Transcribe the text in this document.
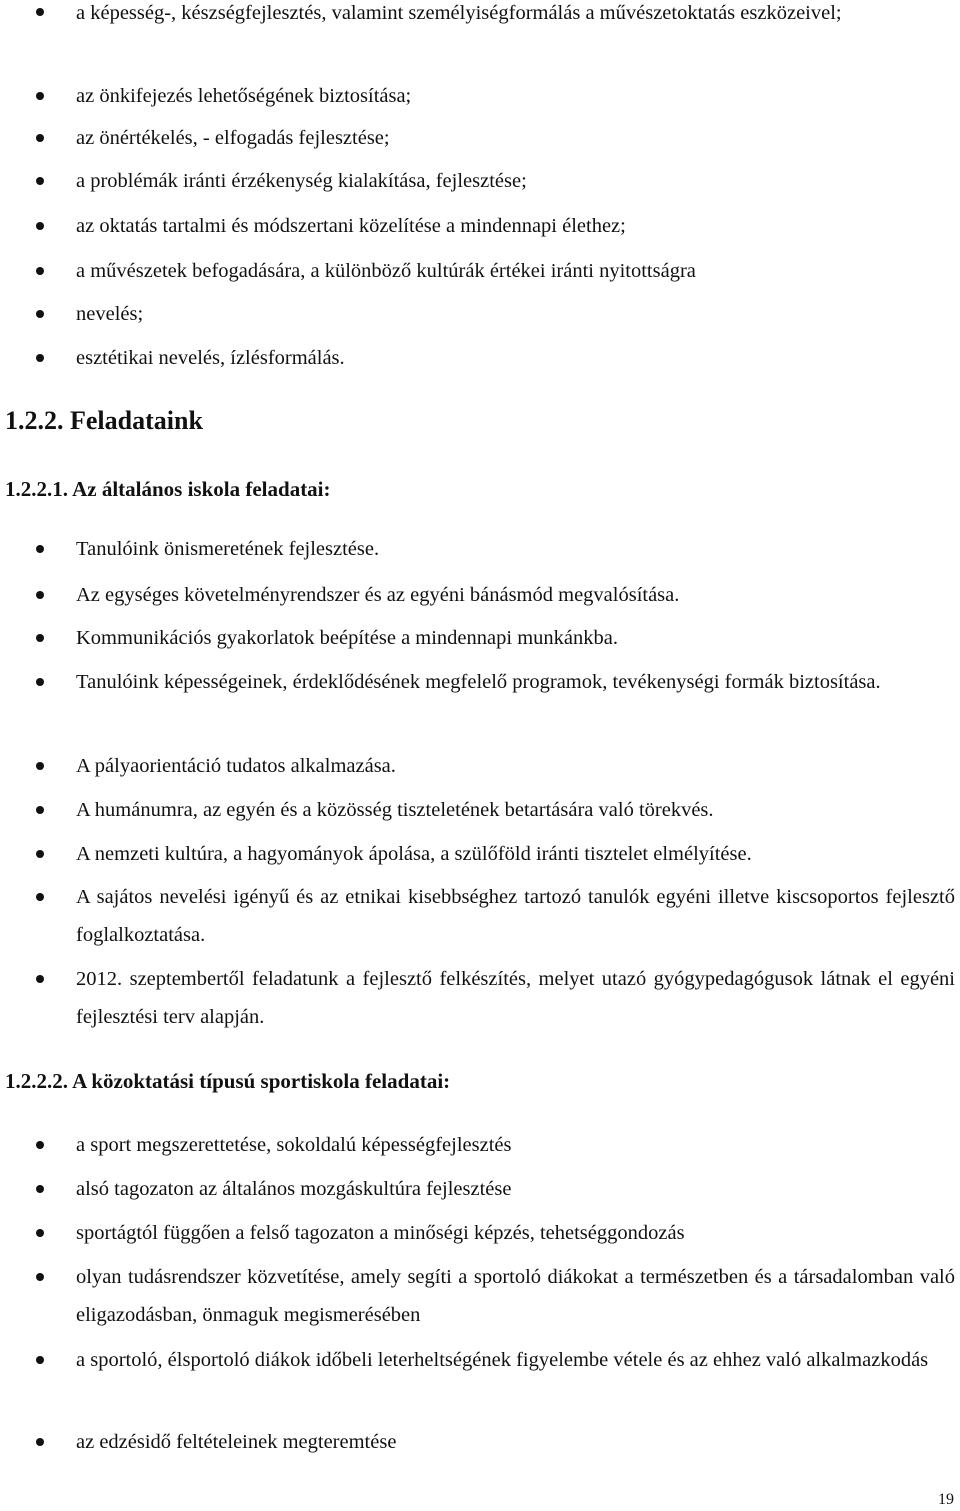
a képesség-, készségfejlesztés, valamint személyiségformálás a művészetoktatás eszközeivel;
az önkifejezés lehetőségének biztosítása;
az önértékelés, - elfogadás fejlesztése;
a problémák iránti érzékenység kialakítása, fejlesztése;
az oktatás tartalmi és módszertani közelítése a mindennapi élethez;
a művészetek befogadására, a különböző kultúrák értékei iránti nyitottságra
nevelés;
esztétikai nevelés, ízlésformálás.
1.2.2. Feladataink
1.2.2.1. Az általános iskola feladatai:
Tanulóink önismeretének fejlesztése.
Az egységes követelményrendszer és az egyéni bánásmód megvalósítása.
Kommunikációs gyakorlatok beépítése a mindennapi munkánkba.
Tanulóink képességeinek, érdeklődésének megfelelő programok, tevékenységi formák biztosítása.
A pályaorientáció tudatos alkalmazása.
A humánumra, az egyén és a közösség tiszteletének betartására való törekvés.
A nemzeti kultúra, a hagyományok ápolása, a szülőföld iránti tisztelet elmélyítése.
A sajátos nevelési igényű és az etnikai kisebbséghez tartozó tanulók egyéni illetve kiscsoportos fejlesztő foglalkoztatása.
2012. szeptembertől feladatunk a fejlesztő felkészítés, melyet utazó gyógypedagógusok látnak el egyéni fejlesztési terv alapján.
1.2.2.2. A közoktatási típusú sportiskola feladatai:
a sport megszerettetése, sokoldalú képességfejlesztés
alsó tagozaton az általános mozgáskultúra fejlesztése
sportágtól függően a felső tagozaton a minőségi képzés, tehetséggondozás
olyan tudásrendszer közvetítése, amely segíti a sportoló diákokat a természetben és a társadalomban való eligazodásban, önmaguk megismerésében
a sportoló, élsportoló diákok időbeli leterheltségének figyelembe vétele és az ehhez való alkalmazkodás
az edzésidő feltételeinek megteremtése
19
